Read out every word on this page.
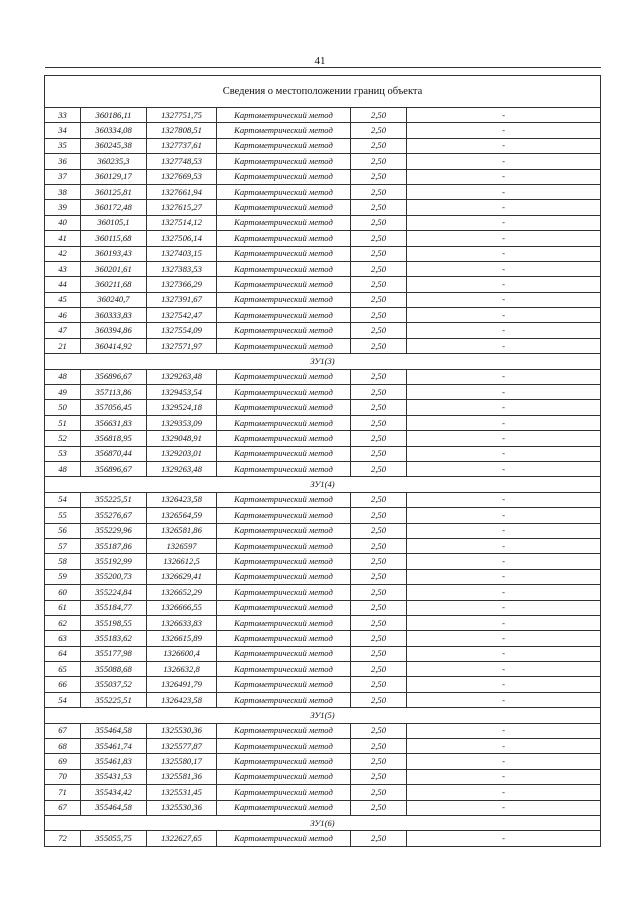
41

Сведения о местоположении границ объекта					
33	360186,11	1327751,75	Картометрический метод	2,50	-
34	360334,08	1327808,51	Картометрический метод	2,50	-
35	360245,38	1327737,61	Картометрический метод	2,50	-
36	360235,3	1327748,53	Картометрический метод	2,50	-
37	360129,17	1327669,53	Картометрический метод	2,50	-
38	360125,81	1327661,94	Картометрический метод	2,50	-
39	360172,48	1327615,27	Картометрический метод	2,50	-
40	360105,1	1327514,12	Картометрический метод	2,50	-
41	360115,68	1327506,14	Картометрический метод	2,50	-
42	360193,43	1327403,15	Картометрический метод	2,50	-
43	360201,61	1327383,53	Картометрический метод	2,50	-
44	360211,68	1327366,29	Картометрический метод	2,50	-
45	360240,7	1327391,67	Картометрический метод	2,50	-
46	360333,83	1327542,47	Картометрический метод	2,50	-
47	360394,86	1327554,09	Картометрический метод	2,50	-
21	360414,92	1327571,97	Картометрический метод	2,50	-
ЗУ1(3)					
48	356896,67	1329263,48	Картометрический метод	2,50	-
49	357113,86	1329453,54	Картометрический метод	2,50	-
50	357056,45	1329524,18	Картометрический метод	2,50	-
51	356631,83	1329353,09	Картометрический метод	2,50	-
52	356818,95	1329048,91	Картометрический метод	2,50	-
53	356870,44	1329203,01	Картометрический метод	2,50	-
48	356896,67	1329263,48	Картометрический метод	2,50	-
ЗУ1(4)					
54	355225,51	1326423,58	Картометрический метод	2,50	-
55	355276,67	1326564,59	Картометрический метод	2,50	-
56	355229,96	1326581,86	Картометрический метод	2,50	-
57	355187,86	1326597	Картометрический метод	2,50	-
58	355192,99	1326612,5	Картометрический метод	2,50	-
59	355200,73	1326629,41	Картометрический метод	2,50	-
60	355224,84	1326652,29	Картометрический метод	2,50	-
61	355184,77	1326666,55	Картометрический метод	2,50	-
62	355198,55	1326633,83	Картометрический метод	2,50	-
63	355183,62	1326615,89	Картометрический метод	2,50	-
64	355177,98	1326600,4	Картометрический метод	2,50	-
65	355088,68	1326632,8	Картометрический метод	2,50	-
66	355037,52	1326491,79	Картометрический метод	2,50	-
54	355225,51	1326423,58	Картометрический метод	2,50	-
ЗУ1(5)					
67	355464,58	1325530,36	Картометрический метод	2,50	-
68	355461,74	1325577,87	Картометрический метод	2,50	-
69	355461,83	1325580,17	Картометрический метод	2,50	-
70	355431,53	1325581,36	Картометрический метод	2,50	-
71	355434,42	1325531,45	Картометрический метод	2,50	-
67	355464,58	1325530,36	Картометрический метод	2,50	-
ЗУ1(6)					
72	355055,75	1322627,65	Картометрический метод	2,50	-
